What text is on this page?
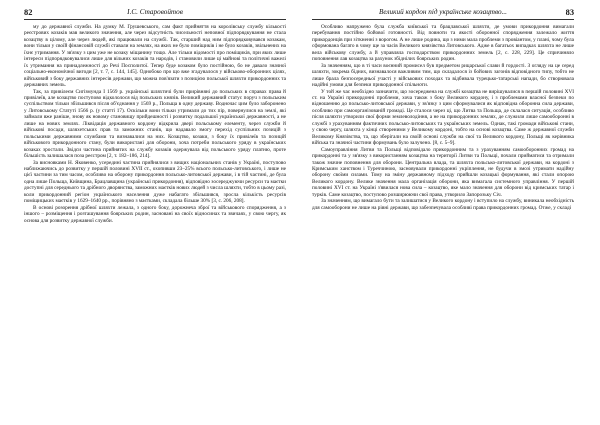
82	І.С. Старовойтов

му до державної служби. На думку М. Грушевського, сам факт прийняття на королівську службу кількості реєстрових козаків мав великого значення, але через відсутність чисельності неповної підпорядкування не стала козацтву в цілому, але через людей, які працювали на службі. Так, старший над ним підпорядковувався козакам, вони тільки у своїй фінансовій службі ставали на землях, на яких не було поміщиків і не було козаків, звільнених на їхнє утримання. У зв'язку з цим уже не козаку міщанину тощо. Але тільки відомості про поміщиків, при яких лише інтереси підпорядковувалися лише для вільних козаків та народів, і становили лише ці майнові та політичні важелі їх утримання на принадлежності до Речі Посполитої. Тепер буде козаком було постійною, бо не давало значної соціально-економічної вигоди [2, т. 7, с. 144, 145]. Однобоко про що вже згадувалося у військово-оборонних цілях, військовий з боку державних інтересів держави, що можна пов'язати з позицією польської шляхти прикордонних та державних земель.

Так, за привілеєм Сигізмунда I 1569 р. українські шляхтичі були прирівняні до польських в справах права й привілеїв, але козацтво поступово відкололося від польських князів. Великий державний статус поруч з польським суспільством тільки збільшився після об'єднання у 1569 р., Польща в одну державу. Водночас цим було заборонено у Литовському Статуті 1566 р. (у статті 17). Оскільки вони тільки утримали до тих пір, повернулися на землі, які займали вже раніше, знову як новому становищу прийдешності і розвитку подальшої української державності, а не лише на нових землях. Ліквідація державного кордону відкрила двері польському елементу, через служби й військові посади, шляхетських прав та заможних станів, що надавало змогу перехід суспільних позицій з польськими державними службами та визнавалися на них. Козацтво, козаки, з боку їх привілеїв та позицій військового прикордонного стану, були використані для оборони, хоча потреби польського уряду в українських козаках зростали. Звідси частина прийнятих на службу козаків одержувала від польського уряду платню, проте більшість залишалася поза реєстром [2, т. 182–186, 214].

За висновками Н. Яковенко, усередині частина прийнялися з вищих національних станів у Україні, поступово наближаючись до розвитку у першій половині XVII ст., охопивши 23–25% всього польсько-литовського, і лише не цієї частини за тим часом, особливо на оборону прикордоння польсько-литовської держави, і в тій частині, де була одна лише Польща, Київщина, Брацлавщина (українські прикордоння), відповідно зосереджуючи ресурси та маєтки доступні для середнього та дрібного дворянства, заможних маєтків нових людей з числа шляхти, тобто в цьому разі, коли прикордонний регіон українського населення дуже набагато збільшився, зросла кількість ресурсів поміщицьких маєтків у 1629–1640 рр., порівняно з маєтками, складала більше 30% [3, с. 206, 208].

В основі розорення дрібної шляхти лежала, з одного боку, дорожнеча зброї та військового спорядження, а з іншого – розміщення і розташування боярських родин, засновані на своїх відносинах та звичаях, у свою чергу, як основа для розвитку державної служби.

Великий кордон під українське козацтво...	83

Особливо напружено була служба київської та брацлавської шляхти, де умови прикордоння вимагали перебування постійно бойової готовності. Від повноти та якості оборонної спорядження залежало життя прикордонців при зіткненні з ворогом. А не лише родина, що з ними мала проблеми з провіантом, у плані, чому була сформована багато в чому ще за часів Великого князівства Литовського. Адже в багатьох випадках шляхта не лише вела військову службу, а й управляла господарством прикордонних земель [2, с. 228, 229]. Це спричиняло поповнення лав козацтва за рахунок збіднілих боярських родин.

За значенням, що в ті часи воєнний промисел був предметом рицарської слави й гордості. З огляду на це серед шляхти, зокрема бідних, визнавалося важливим тим, що складалося із бойових загонів відповідного типу, тобто не лише брала безпосередньої участі у військових походах та відбивала турецько-татарські напади, бо створювала надійні умови для безпеки прикордонної спільноти.

У той же час необхідно зазначити, що зосереджена на службі козацтва не вирішувалися в першій половині XVI ст. на Україні прикордонні проблеми, хоча також з боку Великого кордону, і з проблемами власної безпеки по відношенню до польсько-литовської держави, у зв'язку з цим сформувалися як відповідна оборонна сила держави, особливо при самоорганізованій громаді. Це сталося через ці, що Литва та Польща, де склалася ситуація, особливо після шляхти утворили свої форми землеволодіння, а не на прикордонних землях, де служили лише самооборонні в службі з урахуванням фактичних польсько-литовських та українських земель. Однак, такі громади військові стани, у свою чергу, шляхта у кінці створеними у Великому кордоні, тобто на основі козацтва. Саме ж державної служби Великому Князівства, та, що зберігали на своїй основі служби на свої та Великого кордону, Польщі як керівника війська та значної частини формувань було залучено. [8, с. 5–9].

Самоуправління Литви та Польщі відповідало прикордонним та з урахуванням самооборонних громад на прикордонні та у зв'язку з використанням козацтва на території Литви та Польщі, почали прийматися та отримали також значне поповнення для оборони. Центральна влада, та шляхта польсько-литовської держави, на кордоні з Кримським ханством і Туреччиною, засновували прикордонні укріплення, не будучи в змозі утримати надійну оборону своїми силами. Тому на зміну державному підходу прийшли козацькі формування, які стали опорою Великого кордону. Велике значення мала організація оборони, яка вимагала системного управління. У першій половині XVI ст. на Україні з'явилася нова сила – козацтво, яке мало значення для оборони від кримських татар і турків. Саме козацтво, поступово розширюючи свої права, утворило Запорозьку Січ.

За значенням, що вимагало бути та залишатися у Великого кордону і вступило на службу, виникала необхідність для самооборони не лише на рівні держави, що забезпечувала особливі права прикордонних громад. Отже, у складі
